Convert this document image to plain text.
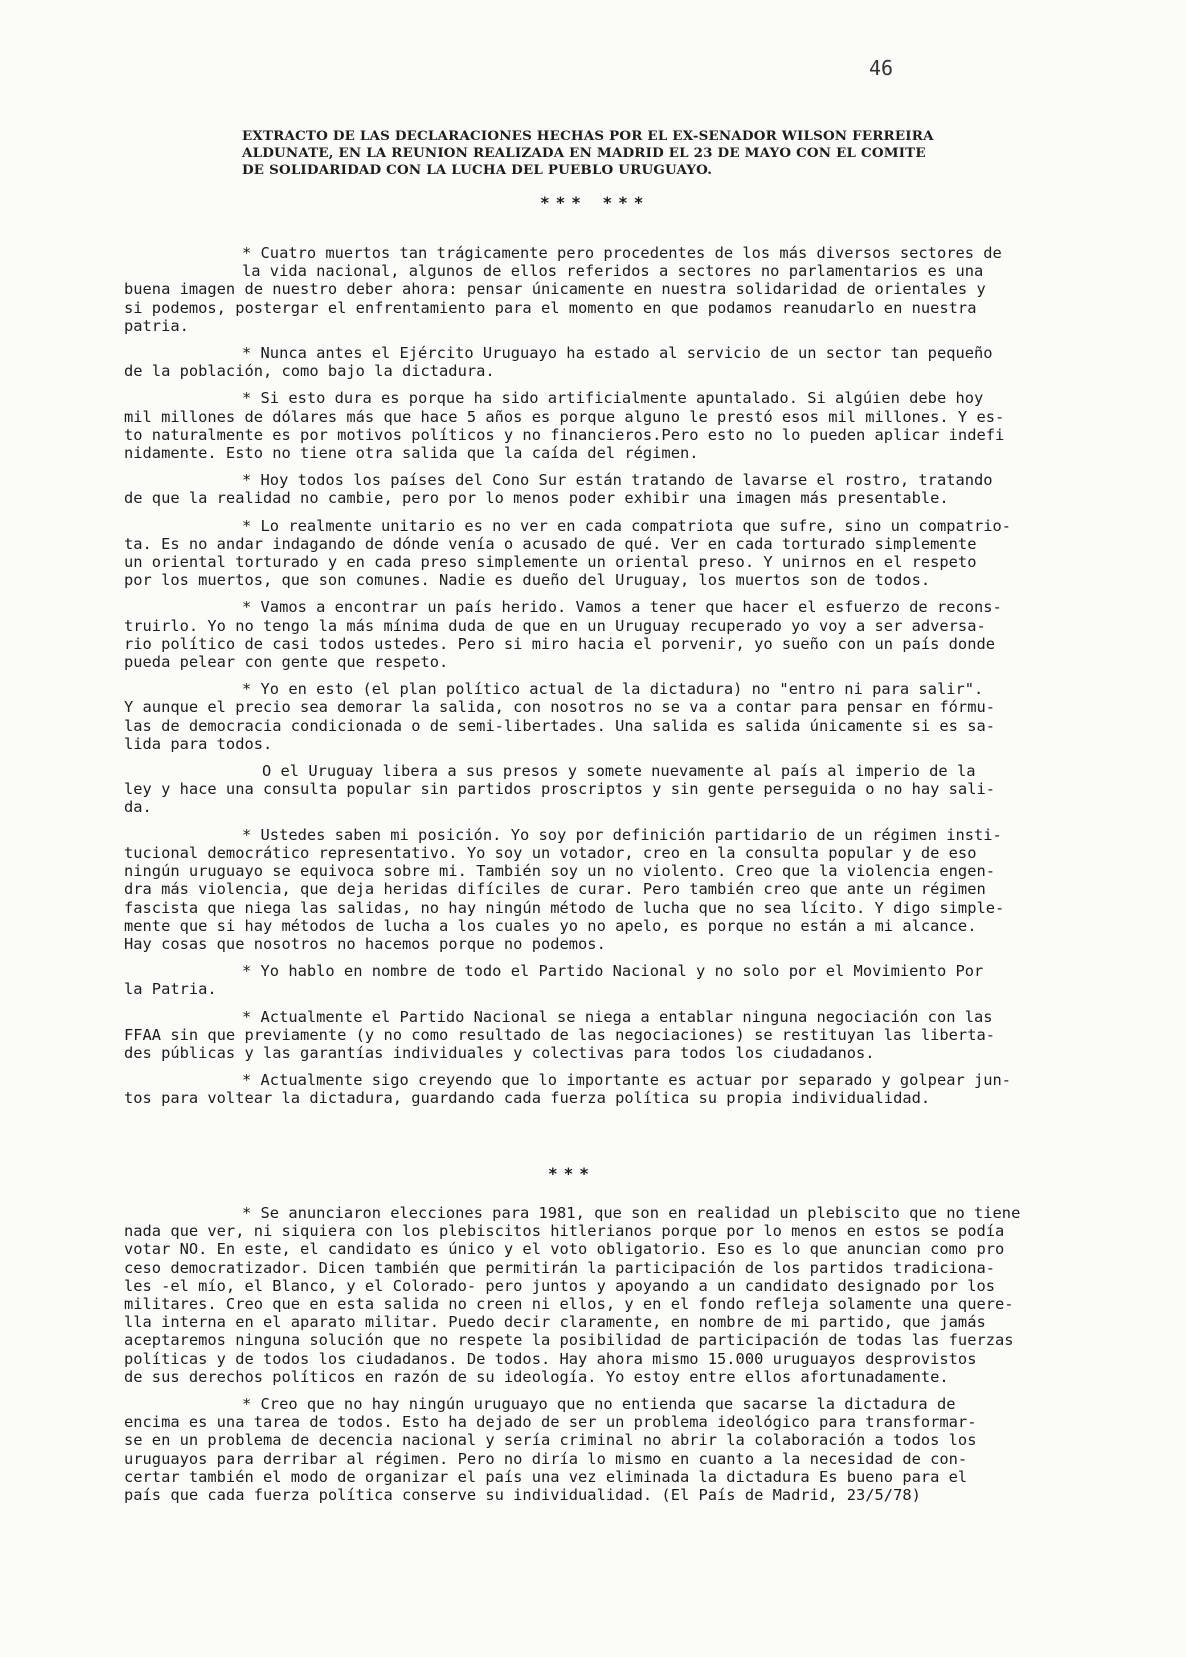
46
EXTRACTO DE LAS DECLARACIONES HECHAS POR EL EX-SENADOR WILSON FERREIRA
ALDUNATE, EN LA REUNION REALIZADA EN MADRID EL 23 DE MAYO CON EL COMITE
DE SOLIDARIDAD CON LA LUCHA DEL PUEBLO URUGUAYO.
*** ***
* Cuatro muertos tan trágicamente pero procedentes de los más diversos sectores de
la vida nacional, algunos de ellos referidos a sectores no parlamentarios es una
buena imagen de nuestro deber ahora: pensar únicamente en nuestra solidaridad de orientales y
si podemos, postergar el enfrentamiento para el momento en que podamos reanudarlo en nuestra
patria.
* Nunca antes el Ejército Uruguayo ha estado al servicio de un sector tan pequeño
de la población, como bajo la dictadura.
* Si esto dura es porque ha sido artificialmente apuntalado. Si algúien debe hoy
mil millones de dólares más que hace 5 años es porque alguno le prestó esos mil millones. Y es-
to naturalmente es por motivos políticos y no financieros.Pero esto no lo pueden aplicar indefi
nidamente. Esto no tiene otra salida que la caída del régimen.
* Hoy todos los países del Cono Sur están tratando de lavarse el rostro, tratando
de que la realidad no cambie, pero por lo menos poder exhibir una imagen más presentable.
* Lo realmente unitario es no ver en cada compatriota que sufre, sino un compatrio-
ta. Es no andar indagando de dónde venía o acusado de qué. Ver en cada torturado simplemente
un oriental torturado y en cada preso simplemente un oriental preso. Y unirnos en el respeto
por los muertos, que son comunes. Nadie es dueño del Uruguay, los muertos son de todos.
* Vamos a encontrar un país herido. Vamos a tener que hacer el esfuerzo de recons-
truirlo. Yo no tengo la más mínima duda de que en un Uruguay recuperado yo voy a ser adversa-
rio político de casi todos ustedes. Pero si miro hacia el porvenir, yo sueño con un país donde
pueda pelear con gente que respeto.
* Yo en esto (el plan político actual de la dictadura) no "entro ni para salir".
Y aunque el precio sea demorar la salida, con nosotros no se va a contar para pensar en fórmu-
las de democracia condicionada o de semi-libertades. Una salida es salida únicamente si es sa-
lida para todos.
O el Uruguay libera a sus presos y somete nuevamente al país al imperio de la
ley y hace una consulta popular sin partidos proscriptos y sin gente perseguida o no hay sali-
da.
* Ustedes saben mi posición. Yo soy por definición partidario de un régimen insti-
tucional democrático representativo. Yo soy un votador, creo en la consulta popular y de eso
ningún uruguayo se equivoca sobre mi. También soy un no violento. Creo que la violencia engen-
dra más violencia, que deja heridas difíciles de curar. Pero también creo que ante un régimen
fascista que niega las salidas, no hay ningún método de lucha que no sea lícito. Y digo simple-
mente que si hay métodos de lucha a los cuales yo no apelo, es porque no están a mi alcance.
Hay cosas que nosotros no hacemos porque no podemos.
* Yo hablo en nombre de todo el Partido Nacional y no solo por el Movimiento Por
la Patria.
* Actualmente el Partido Nacional se niega a entablar ninguna negociación con las
FFAA sin que previamente (y no como resultado de las negociaciones) se restituyan las liberta-
des públicas y las garantías individuales y colectivas para todos los ciudadanos.
* Actualmente sigo creyendo que lo importante es actuar por separado y golpear jun-
tos para voltear la dictadura, guardando cada fuerza política su propia individualidad.
***
* Se anunciaron elecciones para 1981, que son en realidad un plebiscito que no tiene
nada que ver, ni siquiera con los plebiscitos hitlerianos porque por lo menos en estos se podía
votar NO. En este, el candidato es único y el voto obligatorio. Eso es lo que anuncian como pro
ceso democratizador. Dicen también que permitirán la participación de los partidos tradiciona-
les -el mío, el Blanco, y el Colorado- pero juntos y apoyando a un candidato designado por los
militares. Creo que en esta salida no creen ni ellos, y en el fondo refleja solamente una quere-
lla interna en el aparato militar. Puedo decir claramente, en nombre de mi partido, que jamás
aceptaremos ninguna solución que no respete la posibilidad de participación de todas las fuerzas
políticas y de todos los ciudadanos. De todos. Hay ahora mismo 15.000 uruguayos desprovistos
de sus derechos políticos en razón de su ideología. Yo estoy entre ellos afortunadamente.
* Creo que no hay ningún uruguayo que no entienda que sacarse la dictadura de
encima es una tarea de todos. Esto ha dejado de ser un problema ideológico para transformar-
se en un problema de decencia nacional y sería criminal no abrir la colaboración a todos los
uruguayos para derribar al régimen. Pero no diría lo mismo en cuanto a la necesidad de con-
certar también el modo de organizar el país una vez eliminada la dictadura Es bueno para el
país que cada fuerza política conserve su individualidad. (El País de Madrid, 23/5/78)
